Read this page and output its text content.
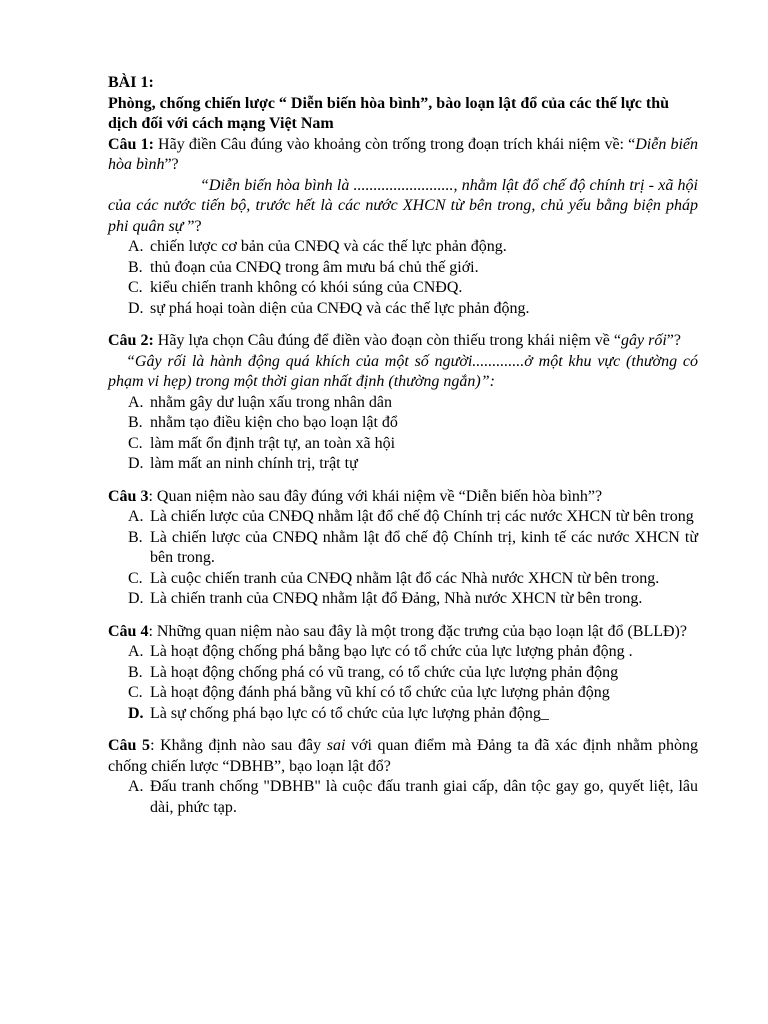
BÀI 1:
Phòng, chống chiến lược “ Diễn biến hòa bình”, bào loạn lật đổ của các thế lực thù dịch đối với cách mạng Việt Nam
Câu 1: Hãy điền Câu đúng vào khoảng còn trống trong đoạn trích khái niệm về: “Diễn biến hòa bình”?
“Diễn biến hòa bình là ........................., nhằm lật đổ chế độ chính trị - xã hội của các nước tiến bộ, trước hết là các nước XHCN từ bên trong, chủ yếu bằng biện pháp phi quân sự ”?
A. chiến lược cơ bản của CNĐQ và các thế lực phản động.
B. thủ đoạn của CNĐQ trong âm mưu bá chủ thế giới.
C. kiểu chiến tranh không có khói súng của CNĐQ.
D. sự phá hoại toàn diện của CNĐQ và các thế lực phản động.
Câu 2: Hãy lựa chọn Câu đúng để điền vào đoạn còn thiếu trong khái niệm về “gây rối”?
“Gây rối là hành động quá khích của một số người.............ở một khu vực (thường có phạm vi hẹp) trong một thời gian nhất định (thường ngắn)”:
A. nhằm gây dư luận xấu trong nhân dân
B. nhằm tạo điều kiện cho bạo loạn lật đổ
C. làm mất ổn định trật tự, an toàn xã hội
D. làm mất an ninh chính trị, trật tự
Câu 3: Quan niệm nào sau đây đúng với khái niệm về “Diễn biến hòa bình”?
A. Là chiến lược của CNĐQ nhằm lật đổ chế độ Chính trị các nước XHCN từ bên trong
B. Là chiến lược của CNĐQ nhằm lật đổ chế độ Chính trị, kinh tế các nước XHCN từ bên trong.
C. Là cuộc chiến tranh của CNĐQ nhằm lật đổ các Nhà nước XHCN từ bên trong.
D. Là chiến tranh của CNĐQ nhằm lật đổ Đảng, Nhà nước XHCN từ bên trong.
Câu 4: Những quan niệm nào sau đây là một trong đặc trưng của bạo loạn lật đổ (BLLĐ)?
A. Là hoạt động chống phá bằng bạo lực có tổ chức của lực lượng phản động .
B. Là hoạt động chống phá có vũ trang, có tổ chức của lực lượng phản động
C. Là hoạt động đánh phá bằng vũ khí có tổ chức của lực lượng phản động
D. Là sự chống phá bạo lực có tổ chức của lực lượng phản động_
Câu 5: Khẳng định nào sau đây sai với quan điểm mà Đảng ta đã xác định nhằm phòng chống chiến lược “DBHB”, bạo loạn lật đổ?
A. Đấu tranh chống "DBHB" là cuộc đấu tranh giai cấp, dân tộc gay go, quyết liệt, lâu dài, phức tạp.
